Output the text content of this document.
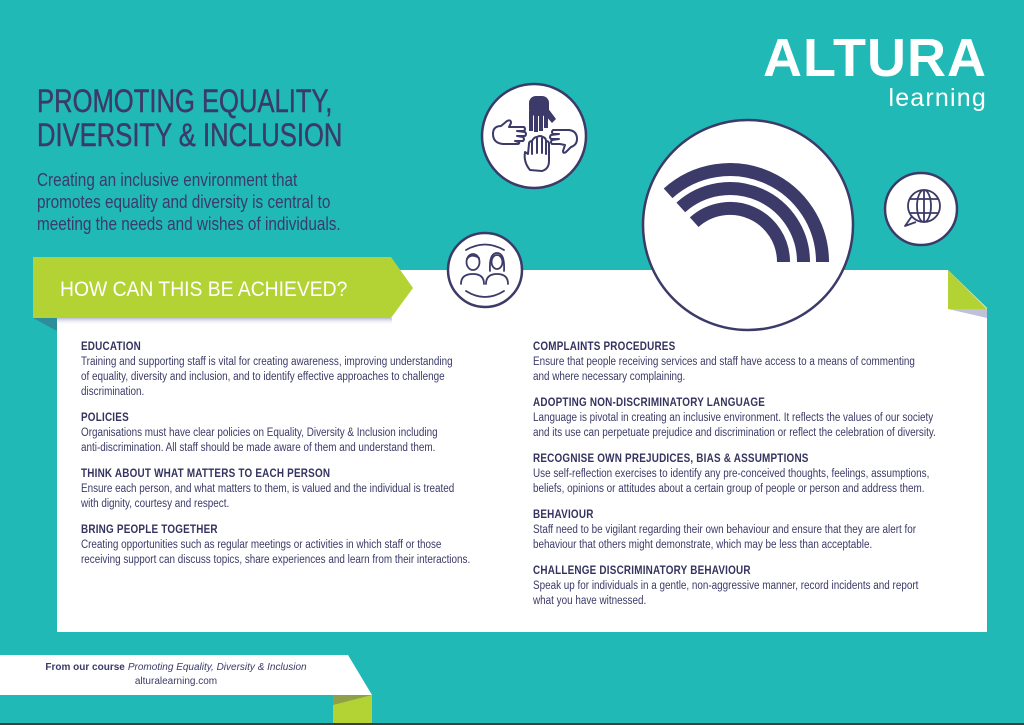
PROMOTING EQUALITY,
DIVERSITY & INCLUSION
Creating an inclusive environment that
promotes equality and diversity is central to
meeting the needs and wishes of individuals.
ALTURA
learning
HOW CAN THIS BE ACHIEVED?
EDUCATION
Training and supporting staff is vital for creating awareness, improving understanding
of equality, diversity and inclusion, and to identify effective approaches to challenge
discrimination.
POLICIES
Organisations must have clear policies on Equality, Diversity & Inclusion including
anti-discrimination. All staff should be made aware of them and understand them.
THINK ABOUT WHAT MATTERS TO EACH PERSON
Ensure each person, and what matters to them, is valued and the individual is treated
with dignity, courtesy and respect.
BRING PEOPLE TOGETHER
Creating opportunities such as regular meetings or activities in which staff or those
receiving support can discuss topics, share experiences and learn from their interactions.
COMPLAINTS PROCEDURES
Ensure that people receiving services and staff have access to a means of commenting
and where necessary complaining.
ADOPTING NON-DISCRIMINATORY LANGUAGE
Language is pivotal in creating an inclusive environment. It reflects the values of our society
and its use can perpetuate prejudice and discrimination or reflect the celebration of diversity.
RECOGNISE OWN PREJUDICES, BIAS & ASSUMPTIONS
Use self-reflection exercises to identify any pre-conceived thoughts, feelings, assumptions,
beliefs, opinions or attitudes about a certain group of people or person and address them.
BEHAVIOUR
Staff need to be vigilant regarding their own behaviour and ensure that they are alert for
behaviour that others might demonstrate, which may be less than acceptable.
CHALLENGE DISCRIMINATORY BEHAVIOUR
Speak up for individuals in a gentle, non-aggressive manner, record incidents and report
what you have witnessed.
From our course Promoting Equality, Diversity & Inclusion
alturalearning.com
